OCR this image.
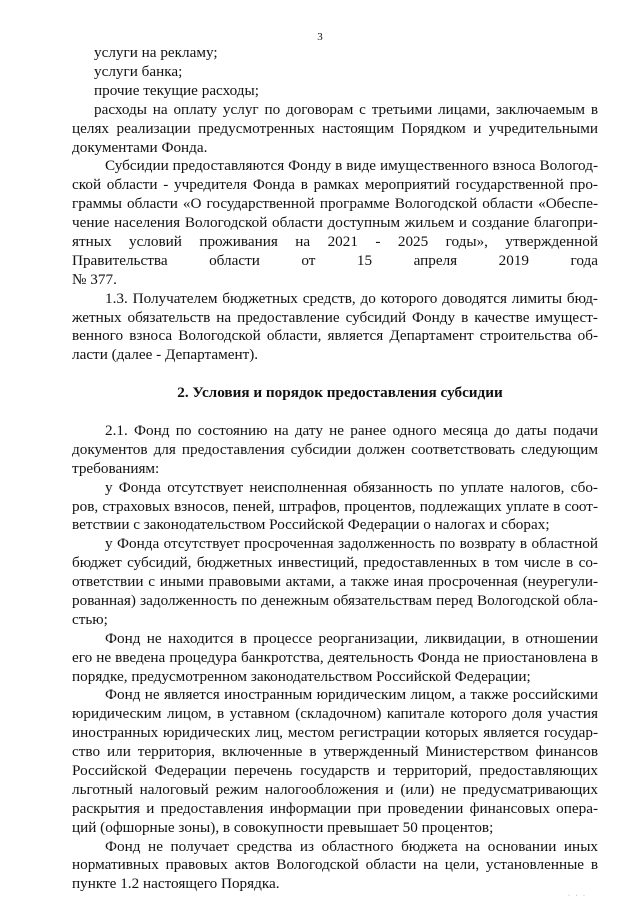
3
услуги на рекламу;
услуги банка;
прочие текущие расходы;
расходы на оплату услуг по договорам с третьими лицами, заключаемым в
целях реализации предусмотренных настоящим Порядком и учредительными
документами Фонда.
Субсидии предоставляются Фонду в виде имущественного взноса Вологод-
ской области - учредителя Фонда в рамках мероприятий государственной про-
граммы области «О государственной программе Вологодской области «Обеспе-
чение населения Вологодской области доступным жильем и создание благопри-
ятных условий проживания на 2021 - 2025 годы», утвержденной
Правительства области от 15 апреля 2019 года
№ 377.
1.3. Получателем бюджетных средств, до которого доводятся лимиты бюд-
жетных обязательств на предоставление субсидий Фонду в качестве имущест-
венного взноса Вологодской области, является Департамент строительства об-
ласти (далее - Департамент).
2. Условия и порядок предоставления субсидии
2.1. Фонд по состоянию на дату не ранее одного месяца до даты подачи
документов для предоставления субсидии должен соответствовать следующим
требованиям:
у Фонда отсутствует неисполненная обязанность по уплате налогов, сбо-
ров, страховых взносов, пеней, штрафов, процентов, подлежащих уплате в соот-
ветствии с законодательством Российской Федерации о налогах и сборах;
у Фонда отсутствует просроченная задолженность по возврату в областной
бюджет субсидий, бюджетных инвестиций, предоставленных в том числе в со-
ответствии с иными правовыми актами, а также иная просроченная (неурегули-
рованная) задолженность по денежным обязательствам перед Вологодской обла-
стью;
Фонд не находится в процессе реорганизации, ликвидации, в отношении
его не введена процедура банкротства, деятельность Фонда не приостановлена в
порядке, предусмотренном законодательством Российской Федерации;
Фонд не является иностранным юридическим лицом, а также российскими
юридическим лицом, в уставном (складочном) капитале которого доля участия
иностранных юридических лиц, местом регистрации которых является государ-
ство или территория, включенные в утвержденный Министерством финансов
Российской Федерации перечень государств и территорий, предоставляющих
льготный налоговый режим налогообложения и (или) не предусматривающих
раскрытия и предоставления информации при проведении финансовых опера-
ций (офшорные зоны), в совокупности превышает 50 процентов;
Фонд не получает средства из областного бюджета на основании иных
нормативных правовых актов Вологодской области на цели, установленные в
пункте 1.2 настоящего Порядка.
· · ·
